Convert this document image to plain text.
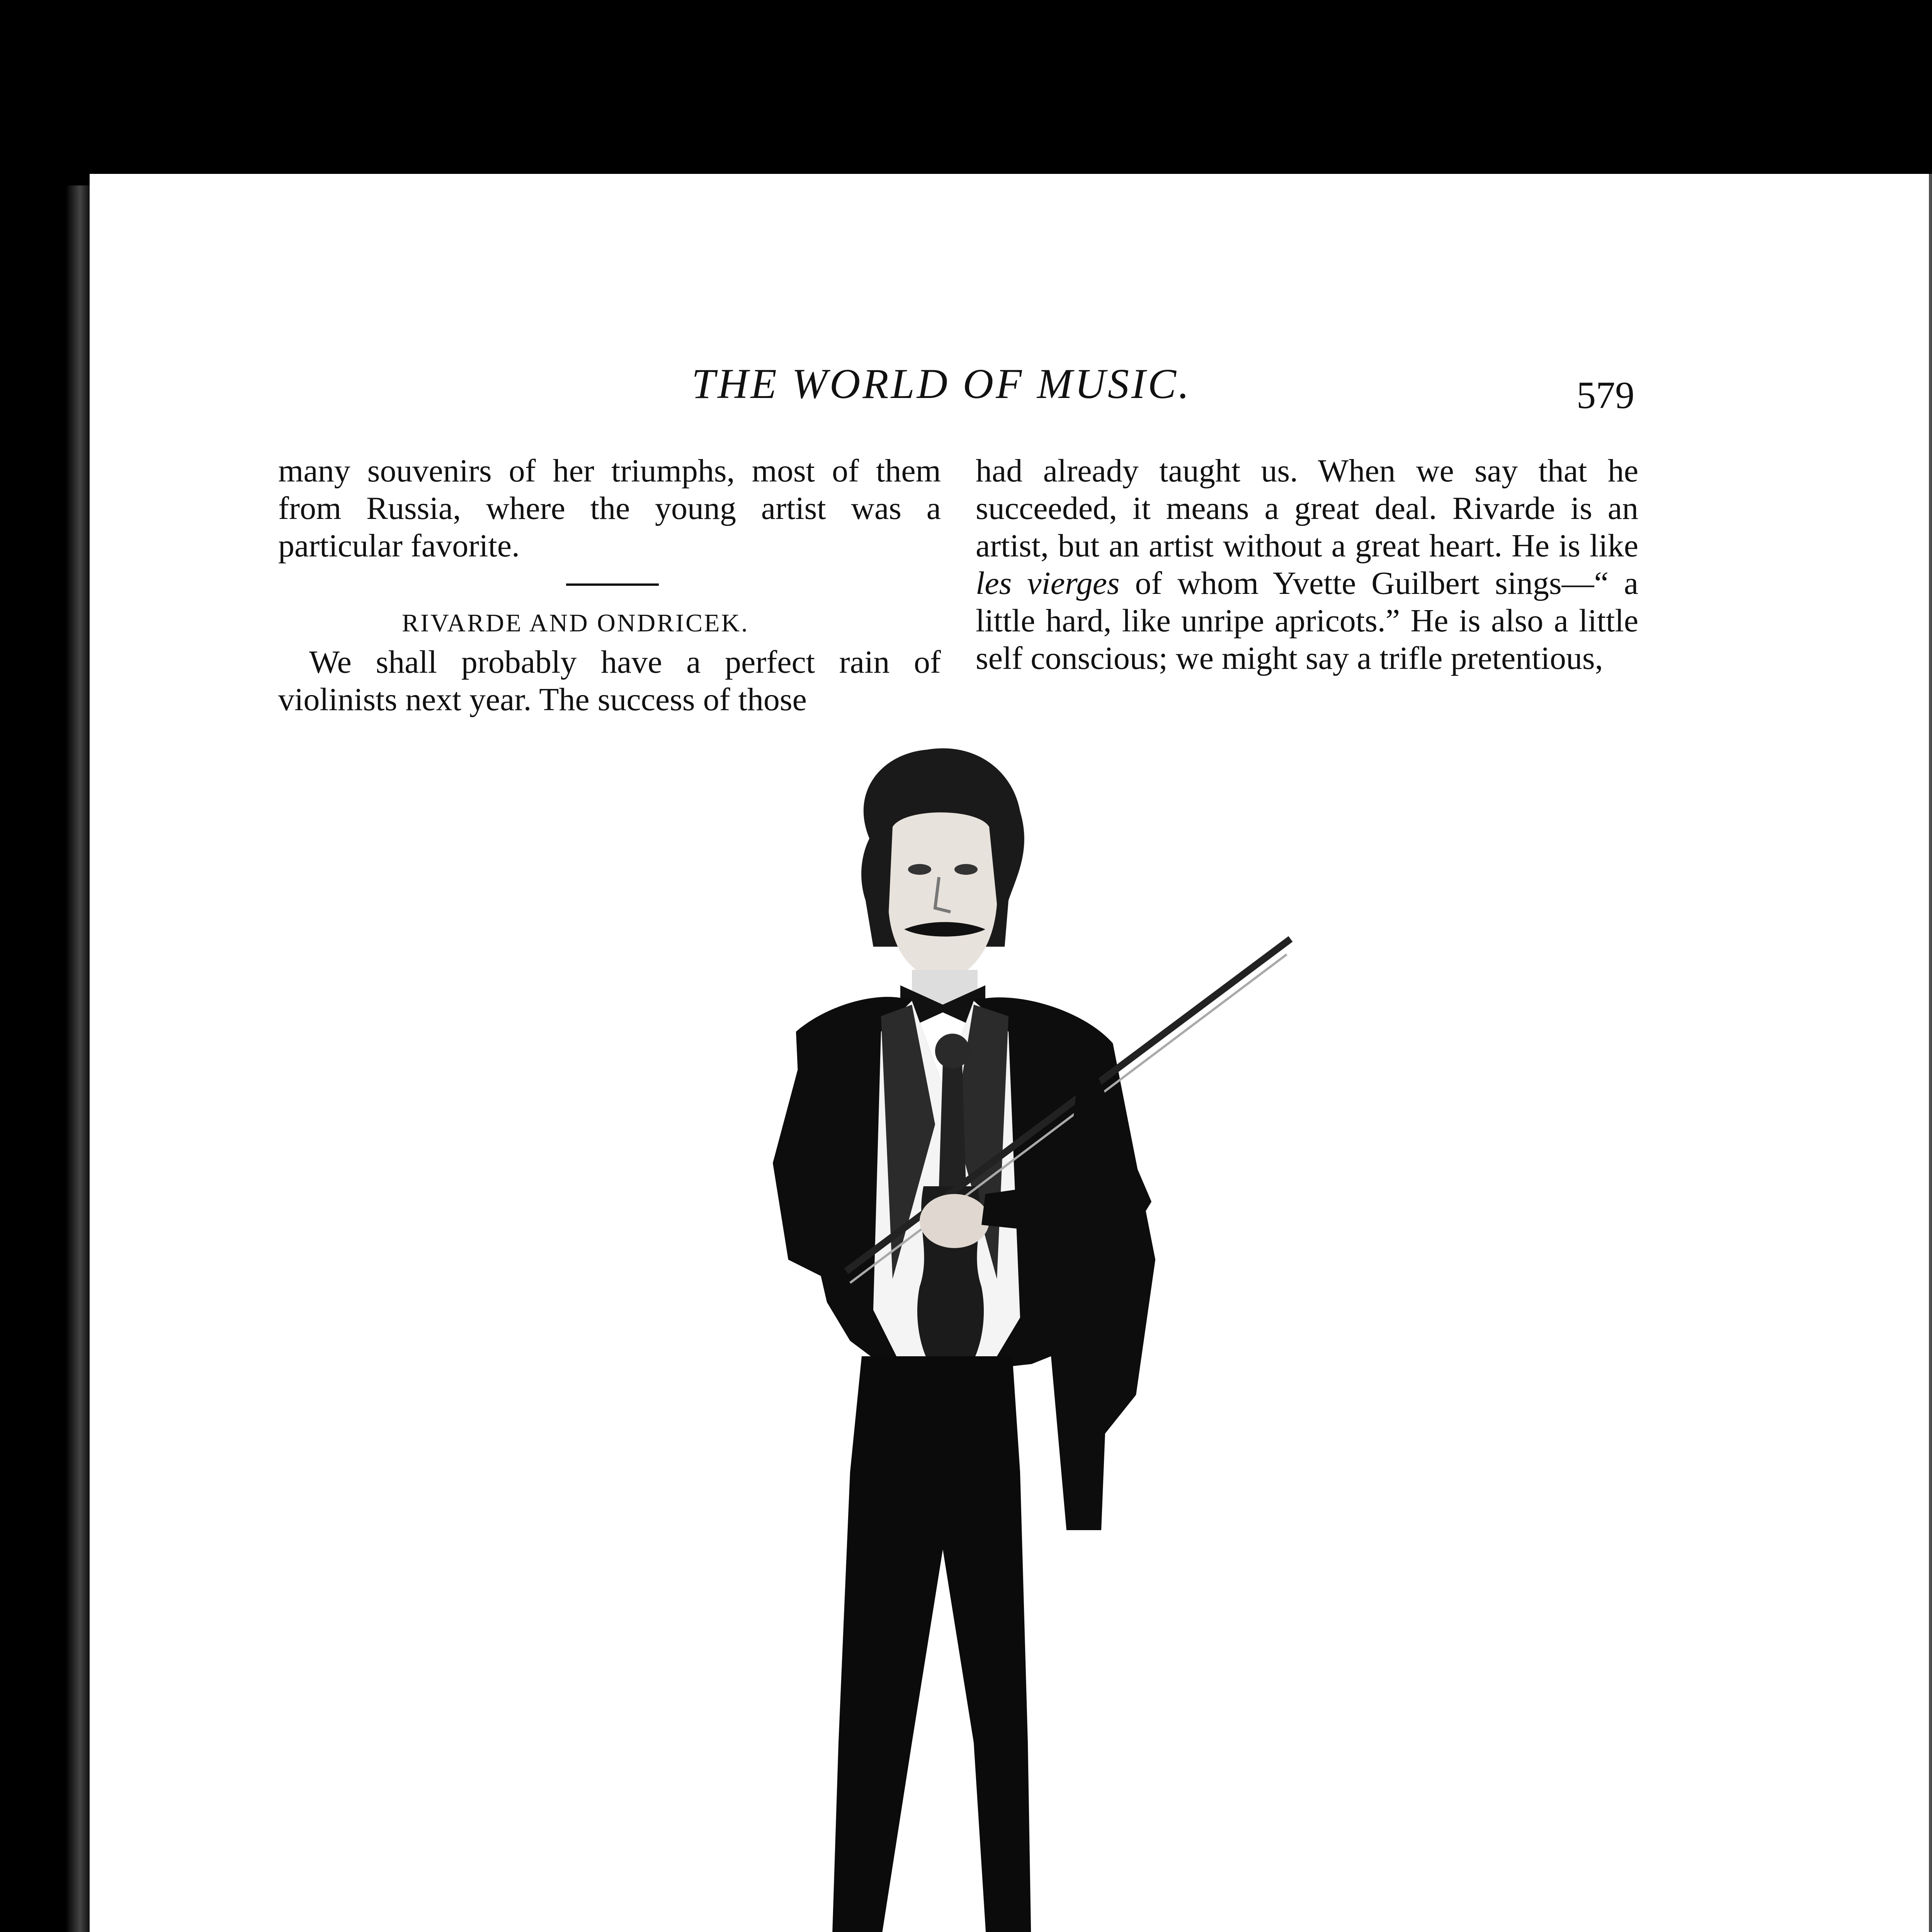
THE WORLD OF MUSIC.	579

many souvenirs of her triumphs, most of them from Russia, where the young artist was a particular favorite.

RIVARDE AND ONDRICEK.

We shall probably have a perfect rain of violinists next year. The success of those

had already taught us. When we say that he succeeded, it means a great deal. Rivarde is an artist, but an artist without a great heart. He is like les vierges of whom Yvette Guilbert sings—“ a little hard, like unripe apricots.” He is also a little self conscious; we might say a trifle pretentious,
